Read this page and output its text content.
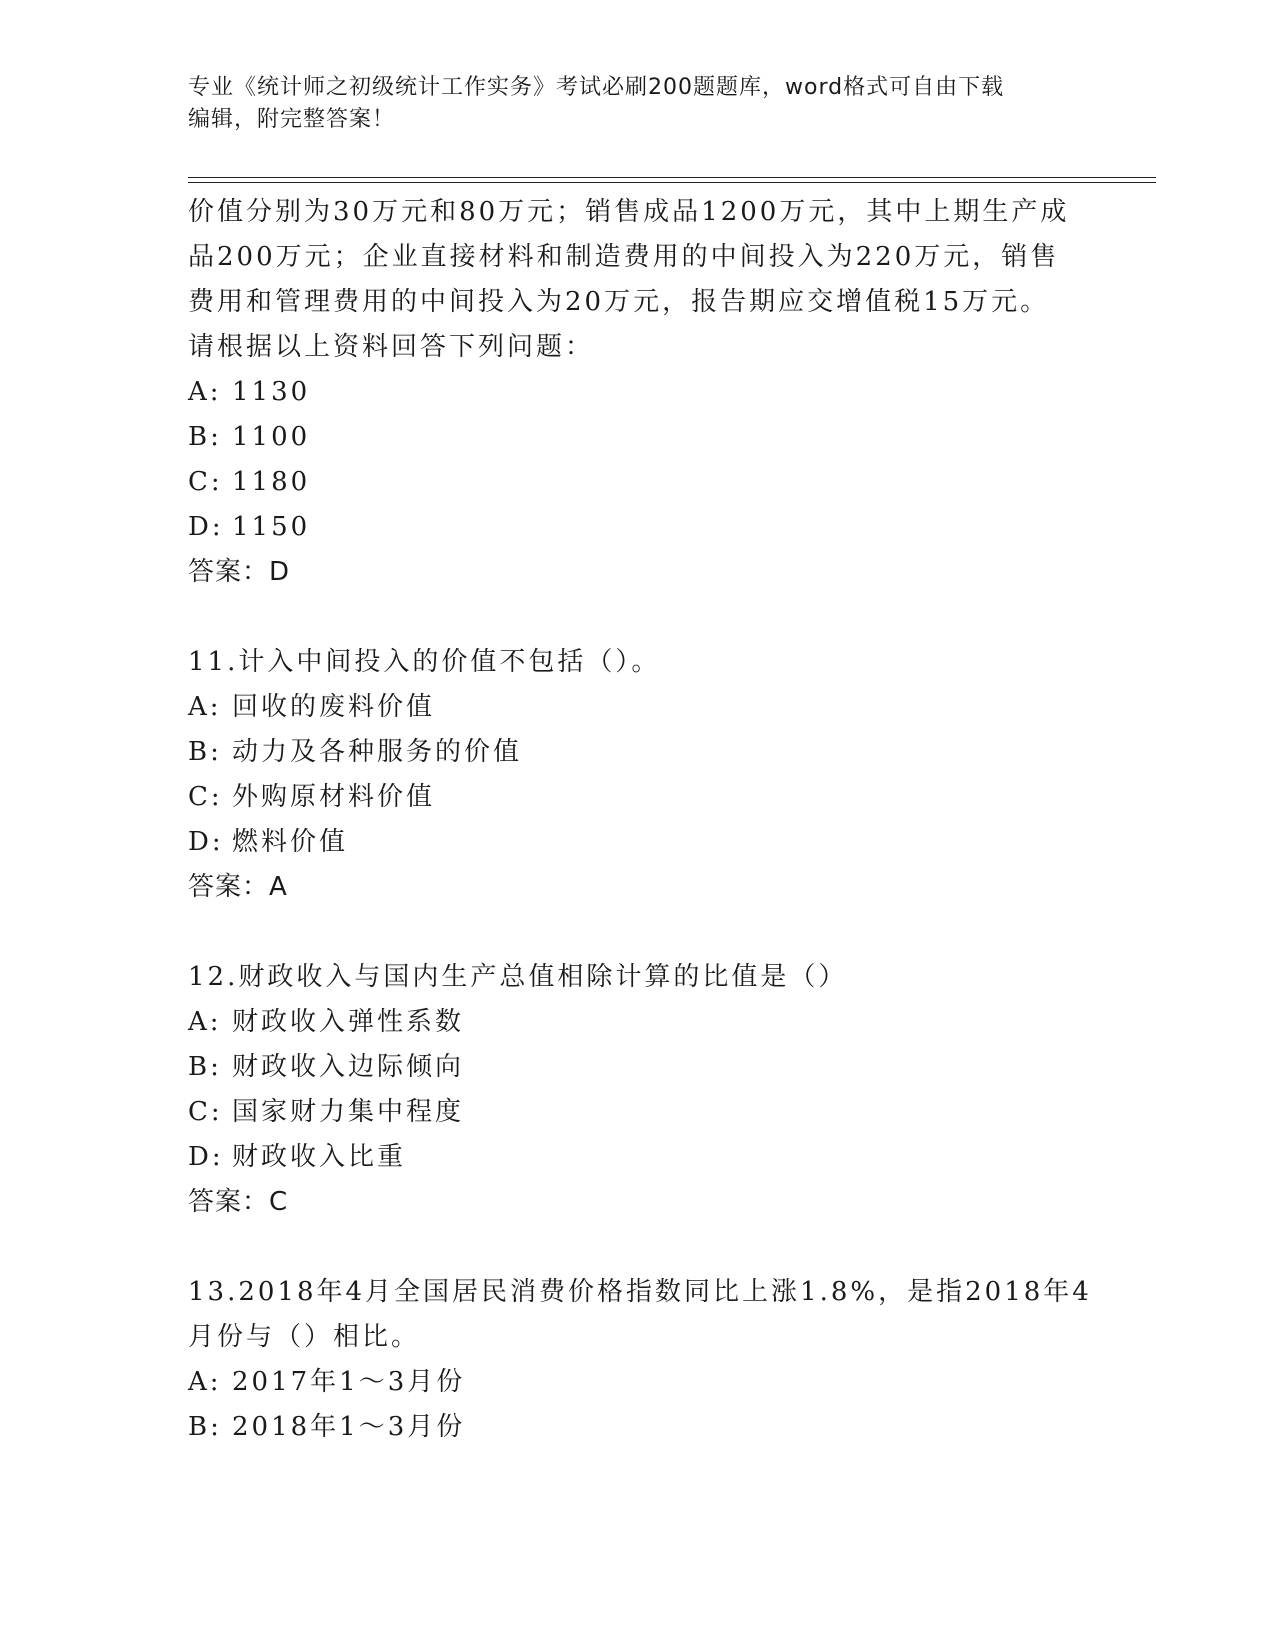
专业《统计师之初级统计工作实务》考试必刷200题题库，word格式可自由下载
编辑，附完整答案！
价值分别为30万元和80万元；销售成品1200万元，其中上期生产成
品200万元；企业直接材料和制造费用的中间投入为220万元，销售
费用和管理费用的中间投入为20万元，报告期应交增值税15万元。
请根据以上资料回答下列问题：
A: 1130
B: 1100
C: 1180
D: 1150
答案：D
11.计入中间投入的价值不包括（）。
A: 回收的废料价值
B: 动力及各种服务的价值
C: 外购原材料价值
D: 燃料价值
答案：A
12.财政收入与国内生产总值相除计算的比值是（）
A: 财政收入弹性系数
B: 财政收入边际倾向
C: 国家财力集中程度
D: 财政收入比重
答案：C
13.2018年4月全国居民消费价格指数同比上涨1.8%，是指2018年4
月份与（）相比。
A: 2017年1～3月份
B: 2018年1～3月份
